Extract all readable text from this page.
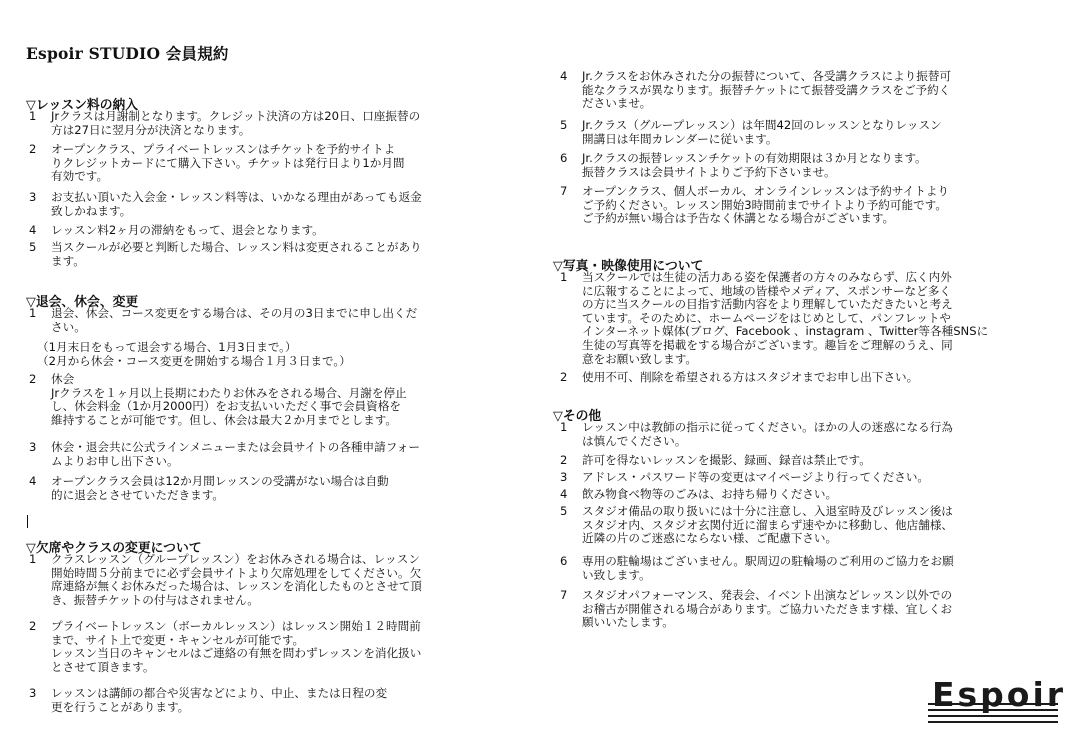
Espoir STUDIO 会員規約
▽レッスン料の納入
1 Jrクラスは月謝制となります。クレジット決済の方は20日、口座振替の
方は27日に翌月分が決済となります。
2 オープンクラス、プライベートレッスンはチケットを予約サイトよ
りクレジットカードにて購入下さい。チケットは発行日より1か月間
有効です。
3 お支払い頂いた入会金・レッスン料等は、いかなる理由があっても返金
致しかねます。
4 レッスン料2ヶ月の滞納をもって、退会となります。
5 当スクールが必要と判断した場合、レッスン料は変更されることがあり
ます。
▽退会、休会、変更
1 退会、休会、コース変更をする場合は、その月の3日までに申し出くだ
さい。
（1月末日をもって退会する場合、1月3日まで。）
（2月から休会・コース変更を開始する場合１月３日まで。）
2 休会
Jrクラスを１ヶ月以上長期にわたりお休みをされる場合、月謝を停止
し、休会料金（1か月2000円）をお支払いいただく事で会員資格を
維持することが可能です。但し、休会は最大２か月までとします。
3 休会・退会共に公式ラインメニューまたは会員サイトの各種申請フォー
ムよりお申し出下さい。
4 オープンクラス会員は12か月間レッスンの受講がない場合は自動
的に退会とさせていただきます。
▽欠席やクラスの変更について
1 クラスレッスン（グループレッスン）をお休みされる場合は、レッスン
開始時間５分前までに必ず会員サイトより欠席処理をしてください。欠
席連絡が無くお休みだった場合は、レッスンを消化したものとさせて頂
き、振替チケットの付与はされません。
2 プライベートレッスン（ボーカルレッスン）はレッスン開始１２時間前
まで、サイト上で変更・キャンセルが可能です。
レッスン当日のキャンセルはご連絡の有無を問わずレッスンを消化扱い
とさせて頂きます。
3 レッスンは講師の都合や災害などにより、中止、または日程の変
更を行うことがあります。
4 Jr.クラスをお休みされた分の振替について、各受講クラスにより振替可
能なクラスが異なります。振替チケットにて振替受講クラスをご予約く
ださいませ。
5 Jr.クラス（グループレッスン）は年間42回のレッスンとなりレッスン
開講日は年間カレンダーに従います。
6 Jr.クラスの振替レッスンチケットの有効期限は３か月となります。
振替クラスは会員サイトよりご予約下さいませ。
7 オープンクラス、個人ボーカル、オンラインレッスンは予約サイトより
ご予約ください。レッスン開始3時間前までサイトより予約可能です。
ご予約が無い場合は予告なく休講となる場合がございます。
▽写真・映像使用について
1 当スクールでは生徒の活力ある姿を保護者の方々のみならず、広く内外
に広報することによって、地域の皆様やメディア、スポンサーなど多く
の方に当スクールの目指す活動内容をより理解していただきたいと考え
ています。そのために、ホームページをはじめとして、パンフレットや
インターネット媒体(ブログ、Facebook 、instagram 、Twitter等各種SNSに
生徒の写真等を掲載をする場合がございます。趣旨をご理解のうえ、同
意をお願い致します。
2 使用不可、削除を希望される方はスタジオまでお申し出下さい。
▽その他
1 レッスン中は教師の指示に従ってください。ほかの人の迷惑になる行為
は慎んでください。
2 許可を得ないレッスンを撮影、録画、録音は禁止です。
3 アドレス・パスワード等の変更はマイページより行ってください。
4 飲み物食べ物等のごみは、お持ち帰りください。
5 スタジオ備品の取り扱いには十分に注意し、入退室時及びレッスン後は
スタジオ内、スタジオ玄関付近に溜まらず速やかに移動し、他店舗様、
近隣の片のご迷惑にならない様、ご配慮下さい。
6 専用の駐輪場はございません。駅周辺の駐輪場のご利用のご協力をお願
い致します。
7 スタジオパフォーマンス、発表会、イベント出演などレッスン以外での
お稽古が開催される場合があります。ご協力いただきます様、宜しくお
願いいたします。
Espoir
